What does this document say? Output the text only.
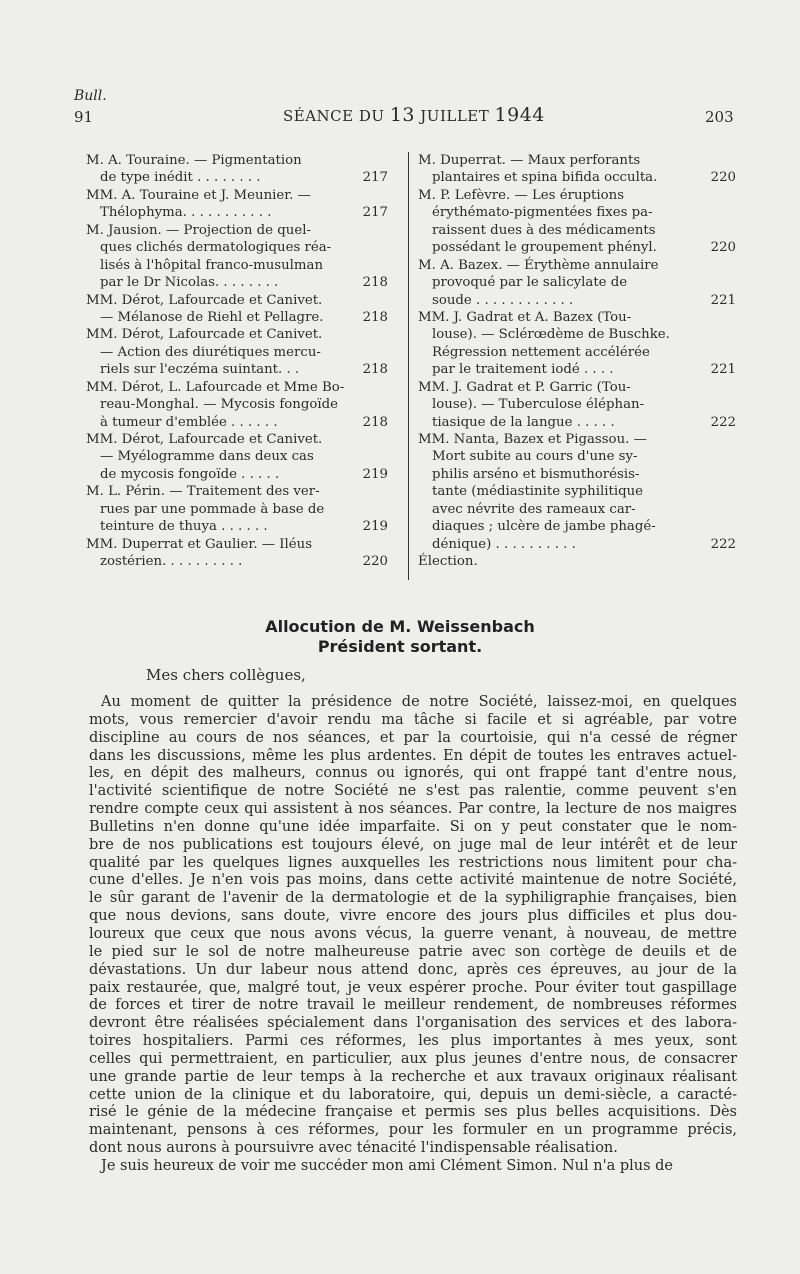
Bull.
91	SÉANCE DU 13 JUILLET 1944	203
M. A. Touraine. — Pigmentation
de type inédit . . . . . . . .	217
MM. A. Touraine et J. Meunier. —
Thélophyma. . . . . . . . . . .	217
M. Jausion. — Projection de quel-
ques clichés dermatologiques réa-
lisés à l'hôpital franco-musulman
par le Dr Nicolas. . . . . . . .	218
MM. Dérot, Lafourcade et Canivet.
— Mélanose de Riehl et Pellagre.	218
MM. Dérot, Lafourcade et Canivet.
— Action des diurétiques mercu-
riels sur l'eczéma suintant. . .	218
MM. Dérot, L. Lafourcade et Mme Bo-
reau-Monghal. — Mycosis fongoïde
à tumeur d'emblée . . . . . .	218
MM. Dérot, Lafourcade et Canivet.
— Myélogramme dans deux cas
de mycosis fongoïde . . . . .	219
M. L. Périn. — Traitement des ver-
rues par une pommade à base de
teinture de thuya . . . . . .	219
MM. Duperrat et Gaulier. — Iléus
zostérien. . . . . . . . . .	220
M. Duperrat. — Maux perforants
plantaires et spina bifida occulta.	220
M. P. Lefèvre. — Les éruptions
érythémato-pigmentées fixes pa-
raissent dues à des médicaments
possédant le groupement phényl.	220
M. A. Bazex. — Érythème annulaire
provoqué par le salicylate de
soude . . . . . . . . . . . .	221
MM. J. Gadrat et A. Bazex (Tou-
louse). — Sclérœdème de Buschke.
Régression nettement accélérée
par le traitement iodé . . . .	221
MM. J. Gadrat et P. Garric (Tou-
louse). — Tuberculose éléphan-
tiasique de la langue . . . . .	222
MM. Nanta, Bazex et Pigassou. —
Mort subite au cours d'une sy-
philis arséno et bismuthorésis-
tante (médiastinite syphilitique
avec névrite des rameaux car-
diaques ; ulcère de jambe phagé-
dénique) . . . . . . . . . .	222
Élection.
Allocution de M. Weissenbach
Président sortant.
Mes chers collègues,
Au moment de quitter la présidence de notre Société, laissez-moi, en quelques
mots, vous remercier d'avoir rendu ma tâche si facile et si agréable, par votre
discipline au cours de nos séances, et par la courtoisie, qui n'a cessé de régner
dans les discussions, même les plus ardentes. En dépit de toutes les entraves actuel-
les, en dépit des malheurs, connus ou ignorés, qui ont frappé tant d'entre nous,
l'activité scientifique de notre Société ne s'est pas ralentie, comme peuvent s'en
rendre compte ceux qui assistent à nos séances. Par contre, la lecture de nos maigres
Bulletins n'en donne qu'une idée imparfaite. Si on y peut constater que le nom-
bre de nos publications est toujours élevé, on juge mal de leur intérêt et de leur
qualité par les quelques lignes auxquelles les restrictions nous limitent pour cha-
cune d'elles. Je n'en vois pas moins, dans cette activité maintenue de notre Société,
le sûr garant de l'avenir de la dermatologie et de la syphiligraphie françaises, bien
que nous devions, sans doute, vivre encore des jours plus difficiles et plus dou-
loureux que ceux que nous avons vécus, la guerre venant, à nouveau, de mettre
le pied sur le sol de notre malheureuse patrie avec son cortège de deuils et de
dévastations. Un dur labeur nous attend donc, après ces épreuves, au jour de la
paix restaurée, que, malgré tout, je veux espérer proche. Pour éviter tout gaspillage
de forces et tirer de notre travail le meilleur rendement, de nombreuses réformes
devront être réalisées spécialement dans l'organisation des services et des labora-
toires hospitaliers. Parmi ces réformes, les plus importantes à mes yeux, sont
celles qui permettraient, en particulier, aux plus jeunes d'entre nous, de consacrer
une grande partie de leur temps à la recherche et aux travaux originaux réalisant
cette union de la clinique et du laboratoire, qui, depuis un demi-siècle, a caracté-
risé le génie de la médecine française et permis ses plus belles acquisitions. Dès
maintenant, pensons à ces réformes, pour les formuler en un programme précis,
dont nous aurons à poursuivre avec ténacité l'indispensable réalisation.
Je suis heureux de voir me succéder mon ami Clément Simon. Nul n'a plus de
